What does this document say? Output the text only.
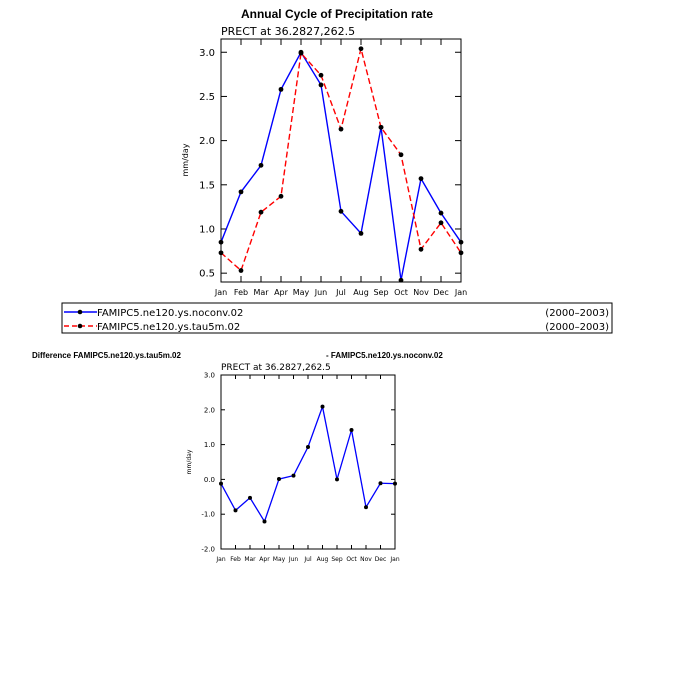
Annual Cycle of Precipitation rate
PRECT at 36.2827,262.5
mm/day
Jan Feb Mar Apr May Jun Jul Aug Sep Oct Nov Dec Jan
0.5
1.0
1.5
2.0
2.5
3.0
FAMIPC5.ne120.ys.noconv.02	(2000–2003)
FAMIPC5.ne120.ys.tau5m.02	(2000–2003)
Difference FAMIPC5.ne120.ys.tau5m.02	- FAMIPC5.ne120.ys.noconv.02
PRECT at 36.2827,262.5
mm/day
Jan Feb Mar Apr May Jun Jul Aug Sep Oct Nov Dec Jan
-2.0
-1.0
0.0
1.0
2.0
3.0
